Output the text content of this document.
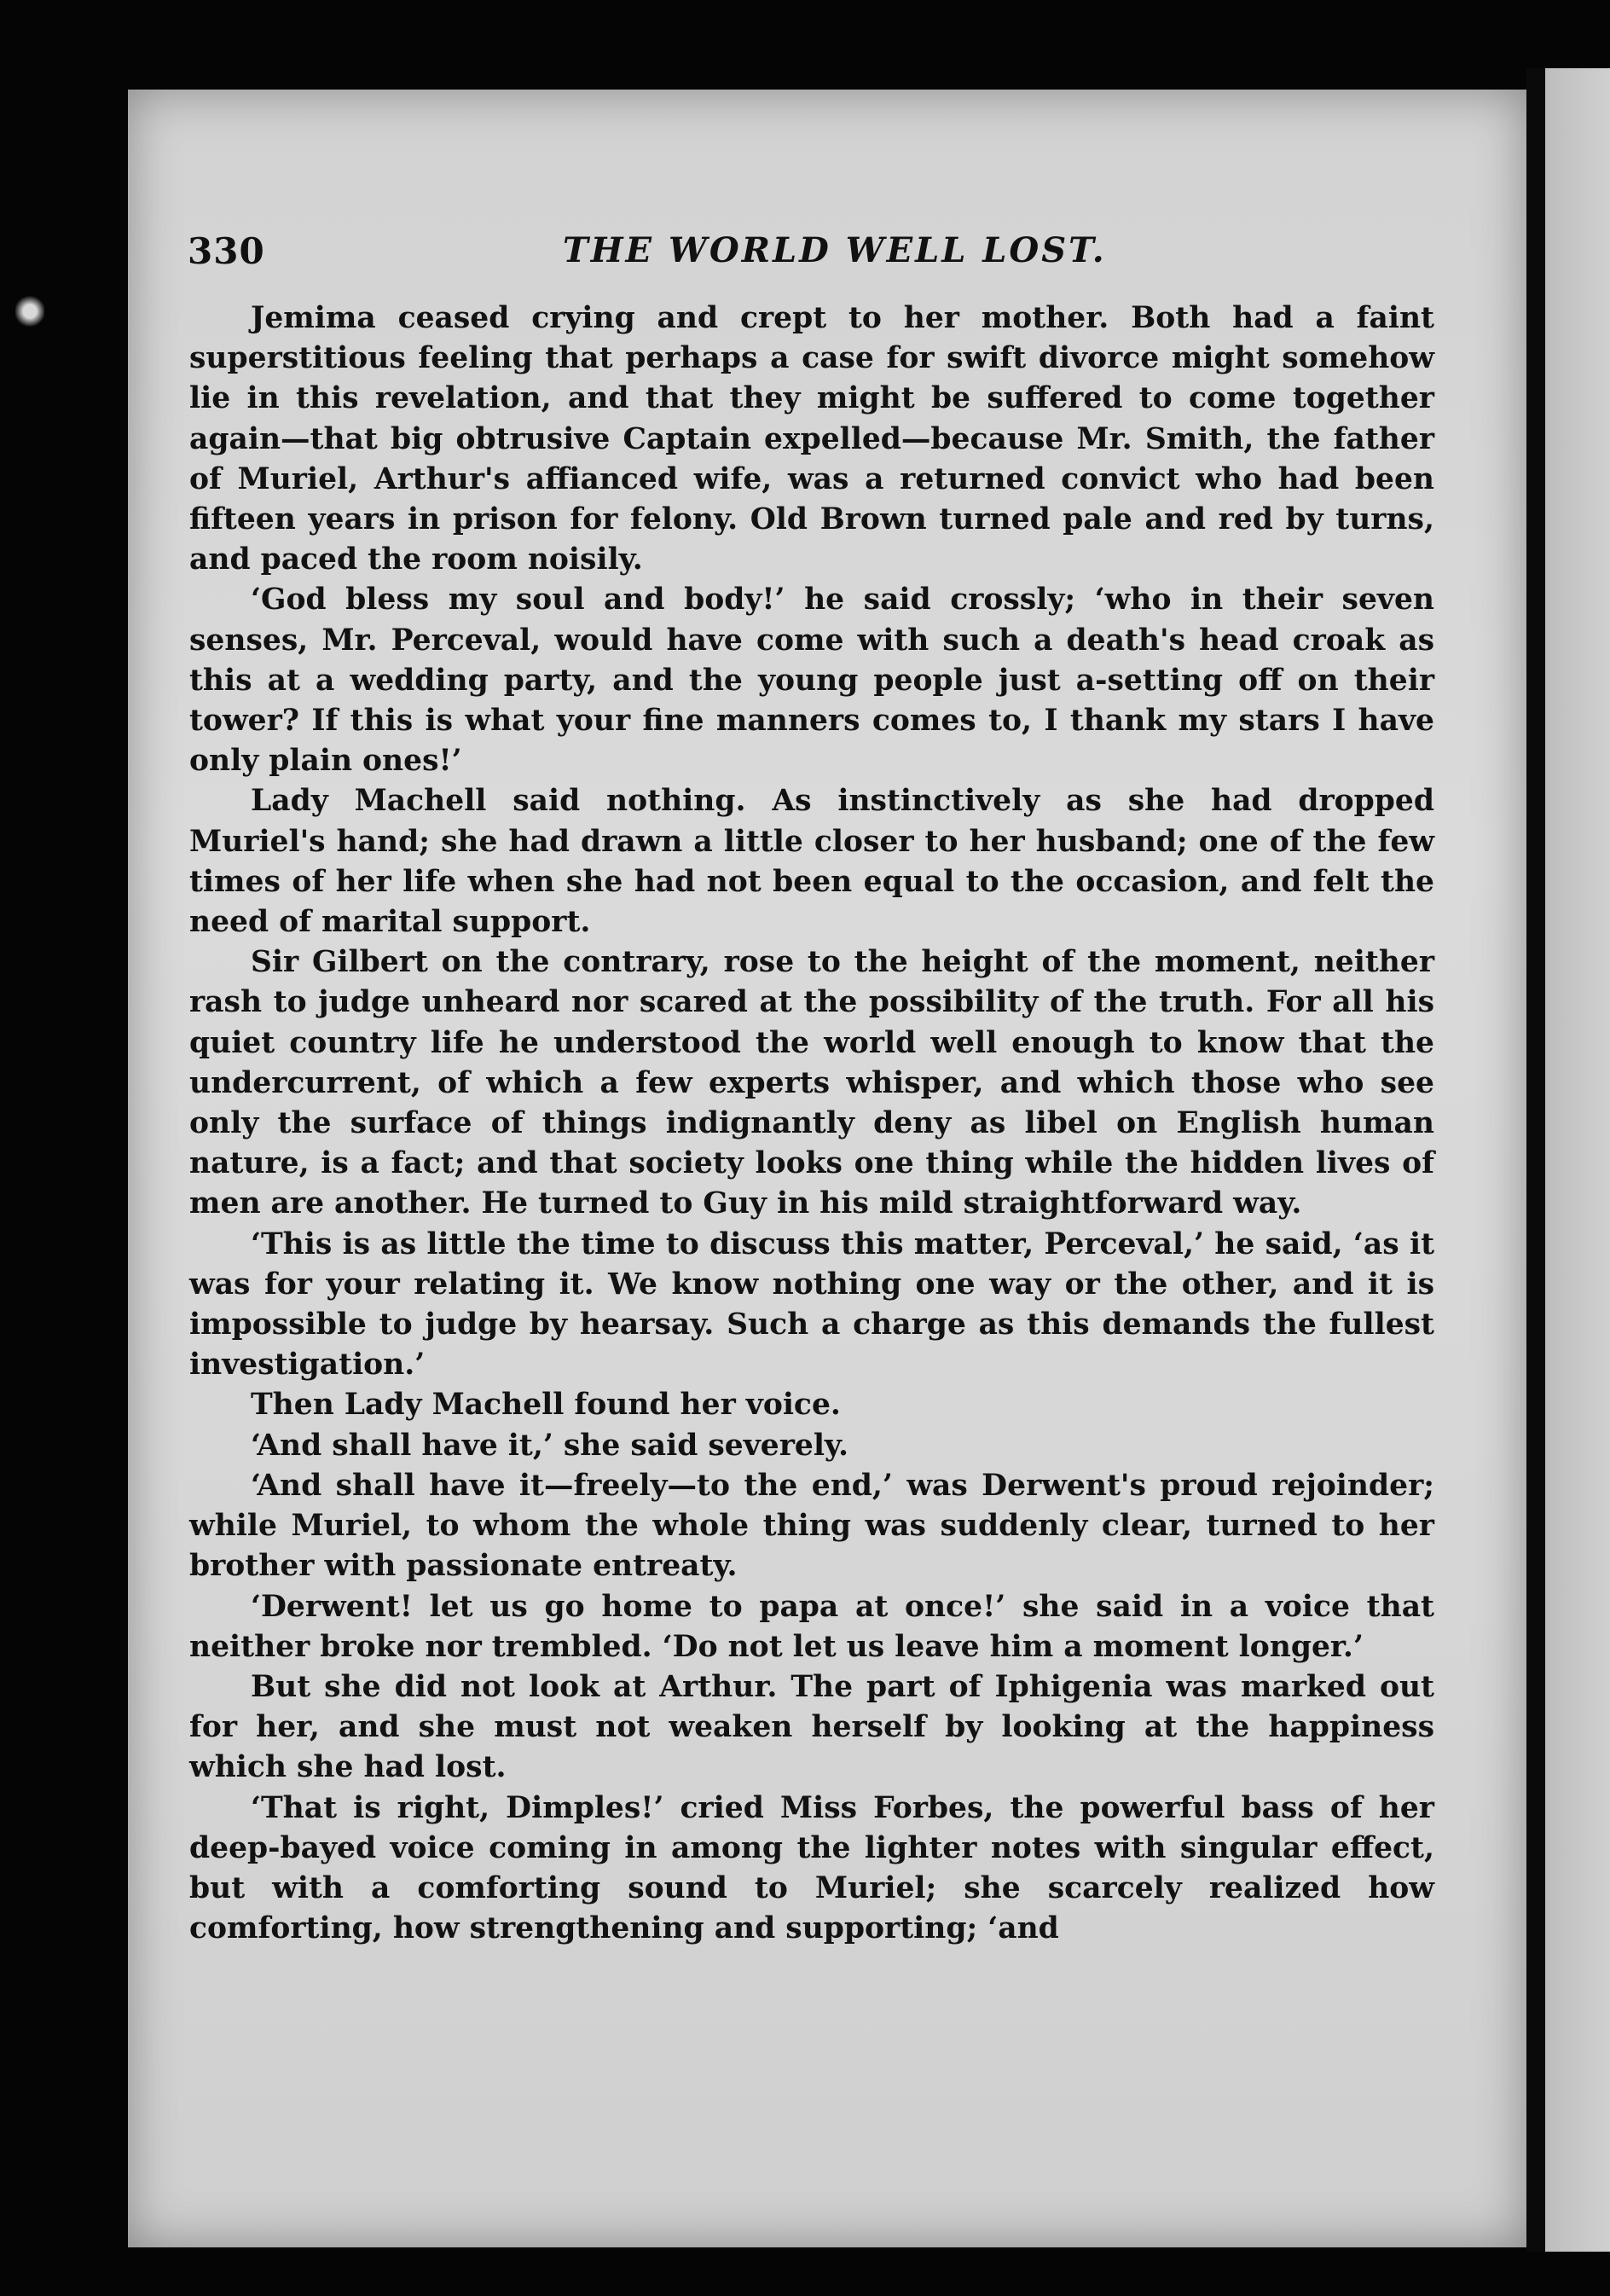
330	THE WORLD WELL LOST.

Jemima ceased crying and crept to her mother. Both had a faint superstitious feeling that perhaps a case for swift divorce might somehow lie in this revelation, and that they might be suffered to come together again—that big obtrusive Captain expelled—because Mr. Smith, the father of Muriel, Arthur's affianced wife, was a returned convict who had been fifteen years in prison for felony. Old Brown turned pale and red by turns, and paced the room noisily.

‘God bless my soul and body!’ he said crossly; ‘who in their seven senses, Mr. Perceval, would have come with such a death's head croak as this at a wedding party, and the young people just a-setting off on their tower? If this is what your fine manners comes to, I thank my stars I have only plain ones!’

Lady Machell said nothing. As instinctively as she had dropped Muriel's hand; she had drawn a little closer to her husband; one of the few times of her life when she had not been equal to the occasion, and felt the need of marital support.

Sir Gilbert on the contrary, rose to the height of the moment, neither rash to judge unheard nor scared at the possibility of the truth. For all his quiet country life he understood the world well enough to know that the undercurrent, of which a few experts whisper, and which those who see only the surface of things indignantly deny as libel on English human nature, is a fact; and that society looks one thing while the hidden lives of men are another. He turned to Guy in his mild straightforward way.

‘This is as little the time to discuss this matter, Perceval,’ he said, ‘as it was for your relating it. We know nothing one way or the other, and it is impossible to judge by hearsay. Such a charge as this demands the fullest investigation.’

Then Lady Machell found her voice.

‘And shall have it,’ she said severely.

‘And shall have it—freely—to the end,’ was Derwent's proud rejoinder; while Muriel, to whom the whole thing was suddenly clear, turned to her brother with passionate entreaty.

‘Derwent! let us go home to papa at once!’ she said in a voice that neither broke nor trembled. ‘Do not let us leave him a moment longer.’

But she did not look at Arthur. The part of Iphigenia was marked out for her, and she must not weaken herself by looking at the happiness which she had lost.

‘That is right, Dimples!’ cried Miss Forbes, the powerful bass of her deep-bayed voice coming in among the lighter notes with singular effect, but with a comforting sound to Muriel; she scarcely realized how comforting, how strengthening and supporting; ‘and
